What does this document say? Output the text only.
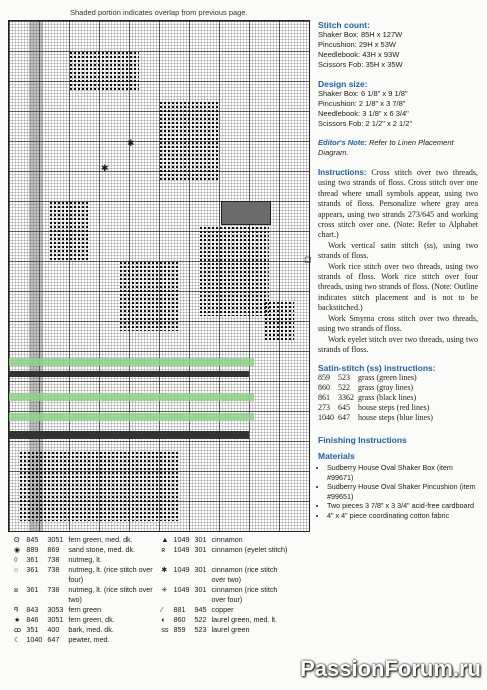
Shaded portion indicates overlap from previous page.
✱
✱
◻
Stitch count:
Shaker Box: 85H x 127W
Pincushion: 29H x 53W
Needlebook: 43H x 93W
Scissors Fob: 35H x 35W
Design size:
Shaker Box: 6 1/8" x 9 1/8"
Pincushion: 2 1/8" x 3 7/8"
Needlebook: 3 1/8" x 6 3/4"
Scissors Fob: 2 1/2" x 2 1/2"
Editor's Note: Refer to Linen Placement Diagram.
Instructions: Cross stitch over two threads, using two strands of floss. Cross stitch over one thread where small symbols appear, using two strands of floss. Personalize where gray area appears, using two strands 273/645 and working cross stitch over one. (Note: Refer to Alphabet chart.)
Work vertical satin stitch (ss), using two strands of floss.
Work rice stitch over two threads, using two strands of floss. Work rice stitch over four threads, using two strands of floss. (Note: Outline indicates stitch placement and is not to be backstitched.)
Work Smyrna cross stitch over two threads, using two strands of floss.
Work eyelet stitch over two threads, using two strands of floss.
Satin-stitch (ss) instructions:
859	523	grass (green lines)
860	522	grass (gray lines)
861	3362	grass (black lines)
273	645	house steps (red lines)
1040	647	house steps (blue lines)
Finishing Instructions
Materials
• Sudberry House Oval Shaker Box (item #99671)
• Sudberry House Oval Shaker Pincushion (item #99651)
• Two pieces 3 7/8" x 3 3/4" acid-free cardboard
• 4" x 4" piece coordinating cotton fabric
ʘ	845	3051	fern green, med. dk.	▲	1049	301	cinnamon
◉	889	869	sand stone, med. dk.	ʀ	1049	301	cinnamon (eyelet stitch)
◊	361	738	nutmeg, lt.				
○	361	738	nutmeg, lt. (rice stitch over four)	✱	1049	301	cinnamon (rice stitch over two)
ᴚ	361	738	nutmeg, lt. (rice stitch over two)	✳	1049	301	cinnamon (rice stitch over four)
ꟼ	843	3053	fern green	∕	881	945	copper
★	846	3051	fern green, dk.	◐	860	522	laurel green, med. lt.
ꝏ	351	400	bark, med. dk.	ss	859	523	laurel green
☾	1040	647	pewter, med.				
PassionForum.ru
